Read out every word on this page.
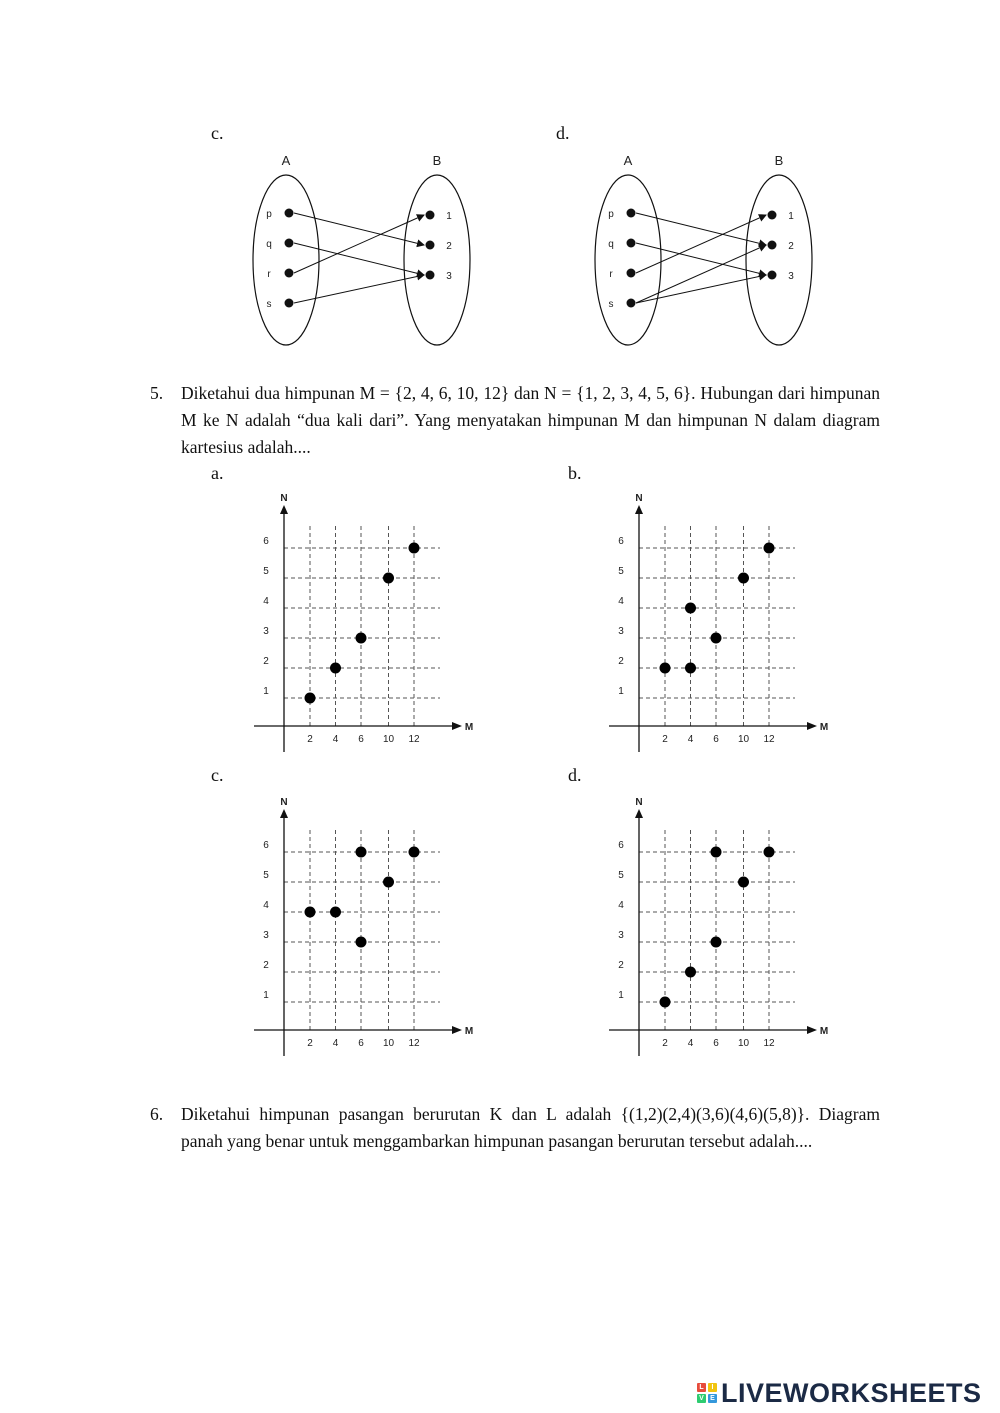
c.	d.
A	B
p
q
r
s
1
2
3
A	B
p
q
r
s
1
2
3
5. Diketahui dua himpunan M = {2, 4, 6, 10, 12} dan N = {1, 2, 3, 4, 5, 6}. Hubungan dari himpunan M ke N adalah “dua kali dari”. Yang menyatakan himpunan M dan himpunan N dalam diagram kartesius adalah....
a.	b.
c.	d.
N
M
2 4 6 10 12
1
2
3
4
5
6
N
M
2 4 6 10 12
1
2
3
4
5
6
N
M
2 4 6 10 12
1
2
3
4
5
6
N
M
2 4 6 10 12
1
2
3
4
5
6
6. Diketahui himpunan pasangan berurutan K dan L adalah {(1,2)(2,4)(3,6)(4,6)(5,8)}. Diagram panah yang benar untuk menggambarkan himpunan pasangan berurutan tersebut adalah....
L	I
V E LIVEWORKSHEETS
